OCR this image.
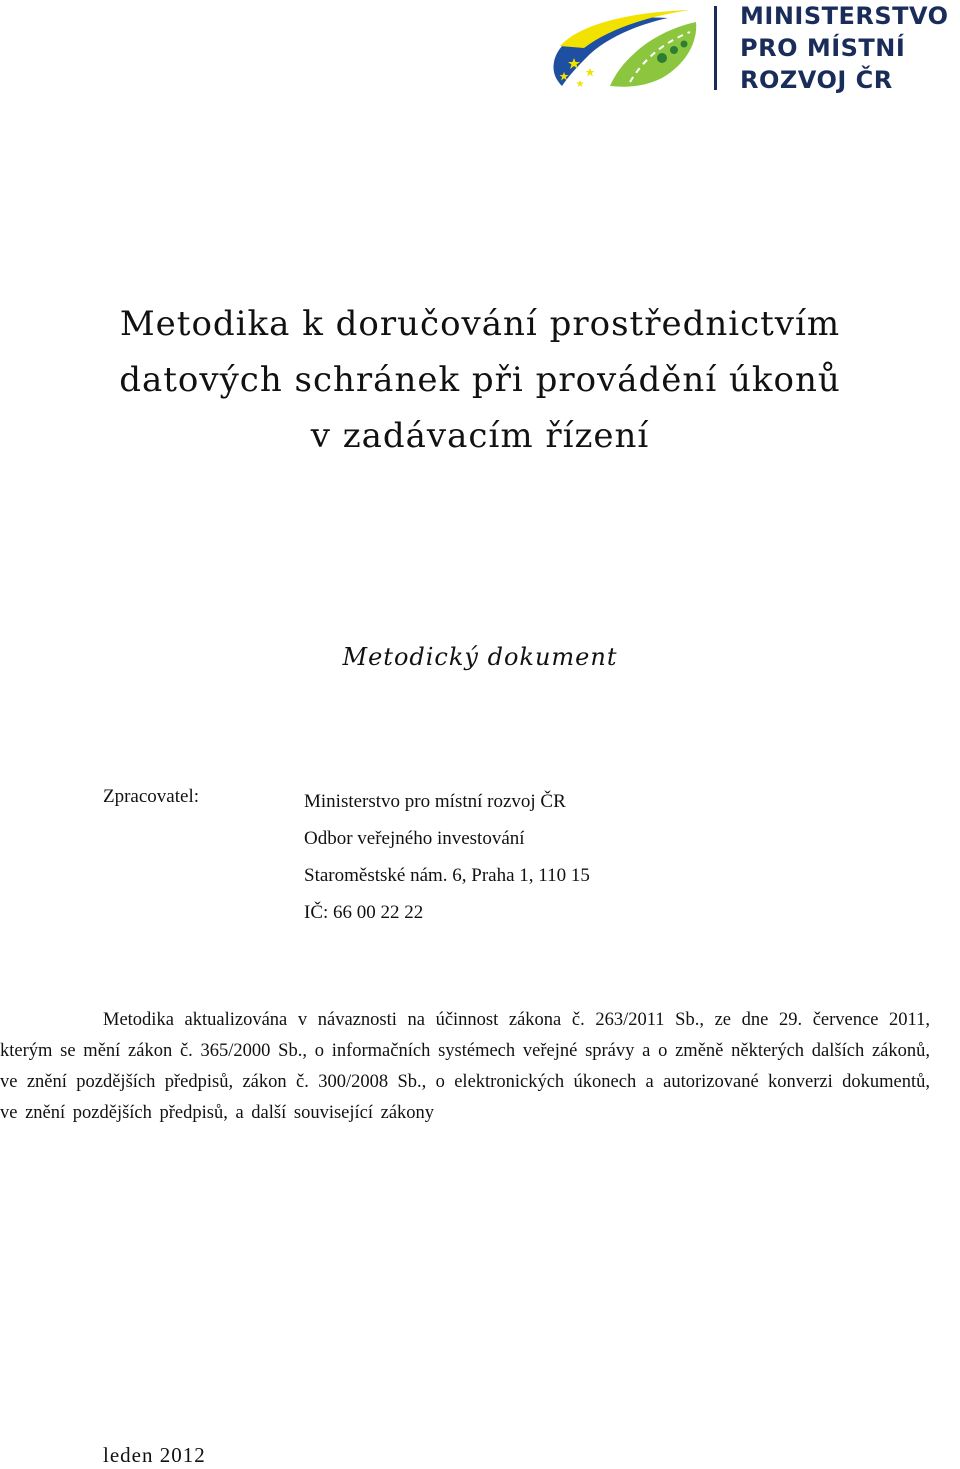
MINISTERSTVO
PRO MÍSTNÍ
ROZVOJ ČR
Metodika k doručování prostřednictvím
datových schránek při provádění úkonů
v zadávacím řízení
Metodický dokument
Zpracovatel:	Ministerstvo pro místní rozvoj ČR
Odbor veřejného investování
Staroměstské nám. 6, Praha 1, 110 15
IČ: 66 00 22 22
Metodika aktualizována v návaznosti na účinnost zákona č. 263/2011 Sb., ze dne 29. července 2011, kterým se mění zákon č. 365/2000 Sb., o informačních systémech veřejné správy a o změně některých dalších zákonů, ve znění pozdějších předpisů, zákon č. 300/2008 Sb., o elektronických úkonech a autorizované konverzi dokumentů, ve znění pozdějších předpisů, a další související zákony
leden 2012
